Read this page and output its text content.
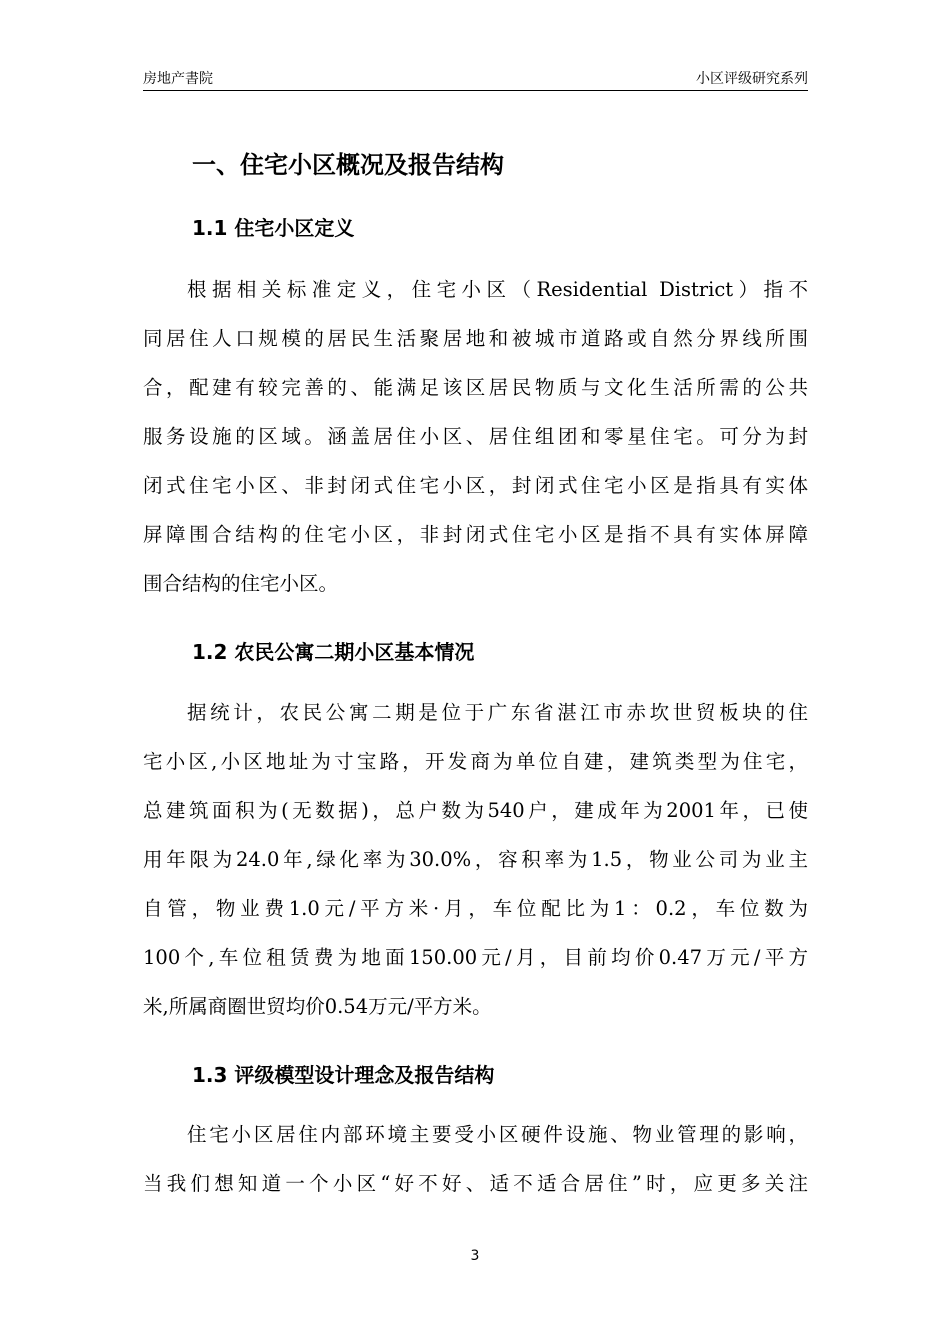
房地产書院	小区评级研究系列
一、住宅小区概况及报告结构
1.1 住宅小区定义
根据相关标准定义，住宅小区（Residential District）指不
同居住人口规模的居民生活聚居地和被城市道路或自然分界线所围
合，配建有较完善的、能满足该区居民物质与文化生活所需的公共
服务设施的区域。涵盖居住小区、居住组团和零星住宅。可分为封
闭式住宅小区、非封闭式住宅小区，封闭式住宅小区是指具有实体
屏障围合结构的住宅小区，非封闭式住宅小区是指不具有实体屏障
围合结构的住宅小区。
1.2 农民公寓二期小区基本情况
据统计，农民公寓二期是位于广东省湛江市赤坎世贸板块的住
宅小区,小区地址为寸宝路，开发商为单位自建，建筑类型为住宅，
总建筑面积为(无数据)，总户数为540户，建成年为2001年，已使
用年限为24.0年,绿化率为30.0%，容积率为1.5，物业公司为业主
自管，物业费1.0元/平方米·月，车位配比为1：0.2，车位数为
100个,车位租赁费为地面150.00元/月，目前均价0.47万元/平方
米,所属商圈世贸均价0.54万元/平方米。
1.3 评级模型设计理念及报告结构
住宅小区居住内部环境主要受小区硬件设施、物业管理的影响，
当我们想知道一个小区“好不好、适不适合居住”时，应更多关注
3
